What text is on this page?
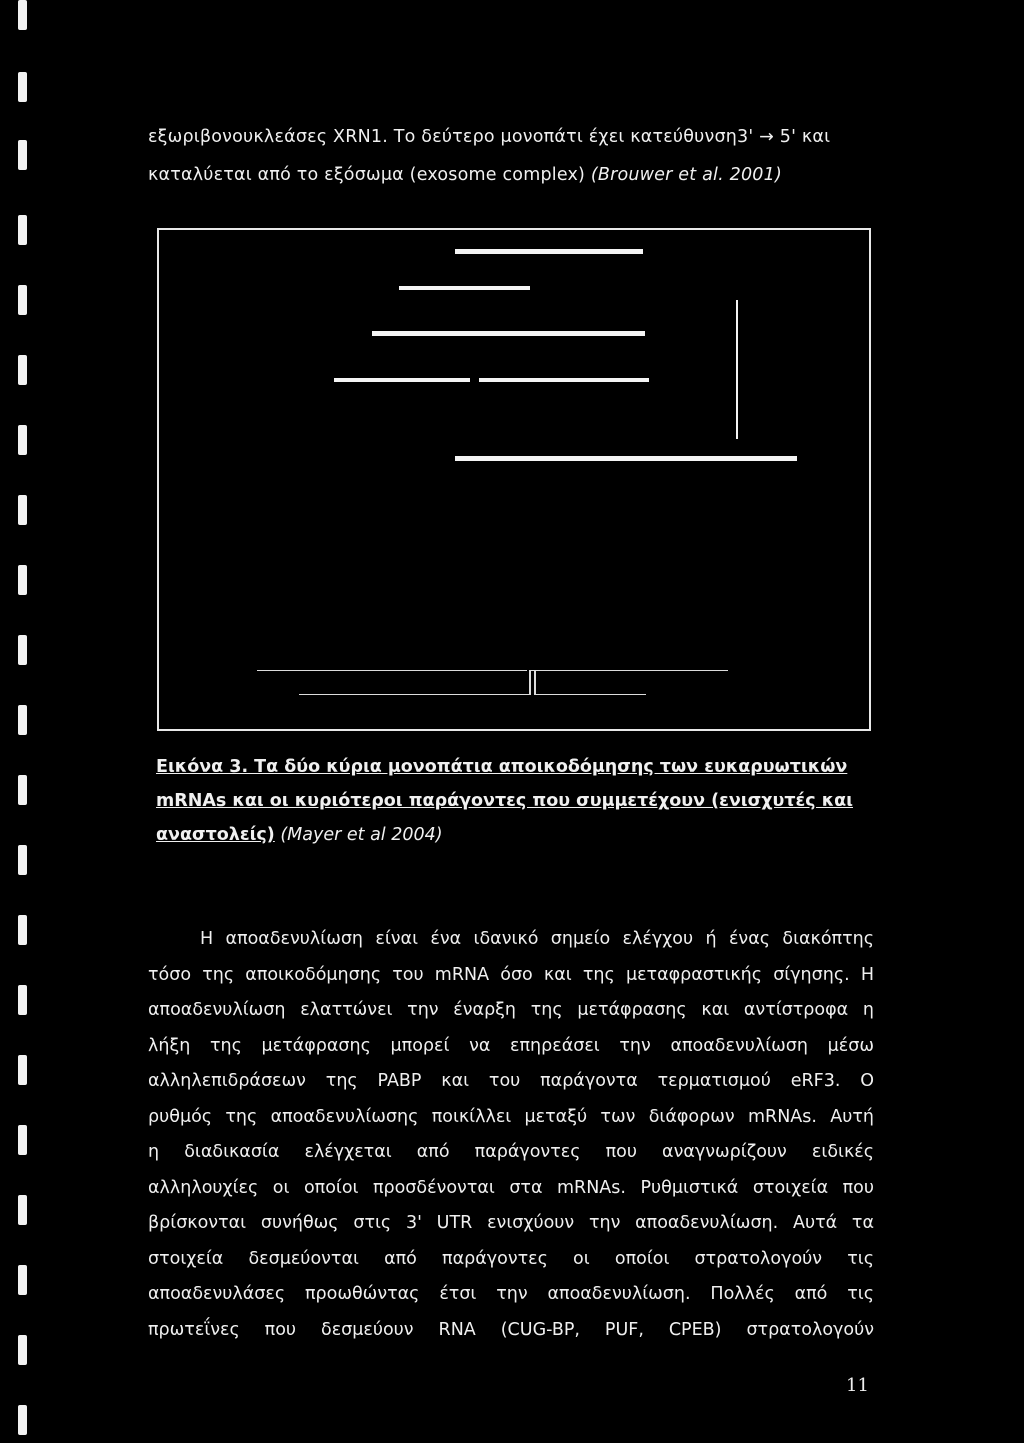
εξωριβονουκλεάσες XRN1. Το δεύτερο μονοπάτι έχει κατεύθυνση3' → 5' και
καταλύεται από το εξόσωμα (exosome complex) (Brouwer et al. 2001)
Εικόνα 3. Τα δύο κύρια μονοπάτια αποικοδόμησης των ευκαρυωτικών
mRNAs και οι κυριότεροι παράγοντες που συμμετέχουν (ενισχυτές και
αναστολείς) (Mayer et al 2004)
Η αποαδενυλίωση είναι ένα ιδανικό σημείο ελέγχου ή ένας διακόπτης
τόσο της αποικοδόμησης του mRNA όσο και της μεταφραστικής σίγησης. Η
αποαδενυλίωση ελαττώνει την έναρξη της μετάφρασης και αντίστροφα η
λήξη της μετάφρασης μπορεί να επηρεάσει την αποαδενυλίωση μέσω
αλληλεπιδράσεων της PABP και του παράγοντα τερματισμού eRF3. Ο
ρυθμός της αποαδενυλίωσης ποικίλλει μεταξύ των διάφορων mRNAs. Αυτή
η διαδικασία ελέγχεται από παράγοντες που αναγνωρίζουν ειδικές
αλληλουχίες οι οποίοι προσδένονται στα mRNAs. Ρυθμιστικά στοιχεία που
βρίσκονται συνήθως στις 3' UTR ενισχύουν την αποαδενυλίωση. Αυτά τα
στοιχεία δεσμεύονται από παράγοντες οι οποίοι στρατολογούν τις
αποαδενυλάσες προωθώντας έτσι την αποαδενυλίωση. Πολλές από τις
πρωτεΐνες που δεσμεύουν RNA (CUG-BP, PUF, CPEB) στρατολογούν
11
